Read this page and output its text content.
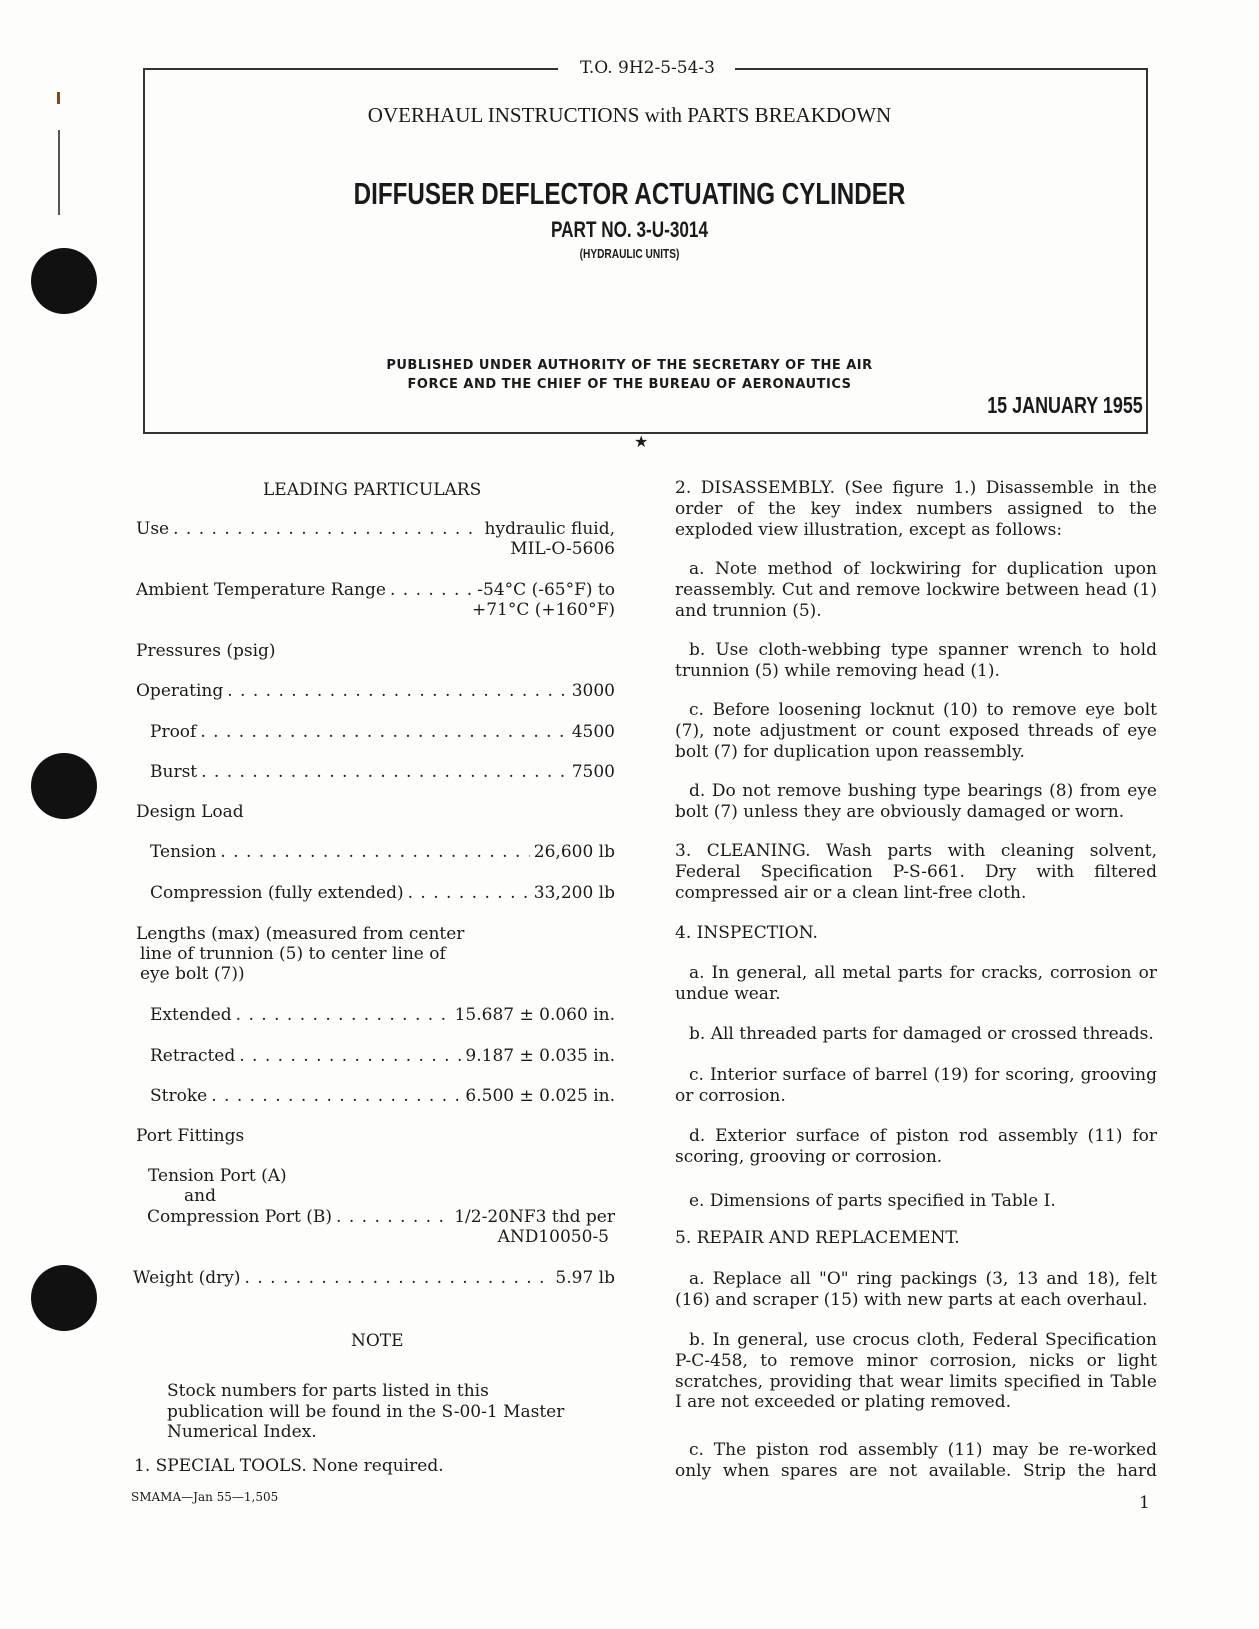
★
T.O. 9H2-5-54-3
OVERHAUL INSTRUCTIONS with PARTS BREAKDOWN
DIFFUSER DEFLECTOR ACTUATING CYLINDER
PART NO. 3-U-3014
(HYDRAULIC UNITS)
PUBLISHED UNDER AUTHORITY OF THE SECRETARY OF THE AIR
FORCE AND THE CHIEF OF THE BUREAU OF AERONAUTICS
15 JANUARY 1955
LEADING PARTICULARS
Use . . .	hydraulic fluid,
MIL-O-5606
Ambient Temperature Range . . .	-54°C (-65°F) to
+71°C (+160°F)
Pressures (psig)
Operating . . .	3000
Proof . . .	4500
Burst . . .	7500
Design Load
Tension . . .	26,600 lb
Compression (fully extended) . . .	33,200 lb
Lengths (max) (measured from center
line of trunnion (5) to center line of
eye bolt (7))
Extended . . .	15.687 ± 0.060 in.
Retracted . . .	9.187 ± 0.035 in.
Stroke . . .	6.500 ± 0.025 in.
Port Fittings
Tension Port (A)
and
Compression Port (B) . . .	1/2-20NF3 thd per
AND10050-5
Weight (dry) . . .	5.97 lb
NOTE
Stock numbers for parts listed in this publication will be found in the S-00-1 Master Numerical Index.
1. SPECIAL TOOLS. None required.
2. DISASSEMBLY. (See figure 1.) Disassemble in the order of the key index numbers assigned to the exploded view illustration, except as follows:
a. Note method of lockwiring for duplication upon reassembly. Cut and remove lockwire between head (1) and trunnion (5).
b. Use cloth-webbing type spanner wrench to hold trunnion (5) while removing head (1).
c. Before loosening locknut (10) to remove eye bolt (7), note adjustment or count exposed threads of eye bolt (7) for duplication upon reassembly.
d. Do not remove bushing type bearings (8) from eye bolt (7) unless they are obviously damaged or worn.
3. CLEANING. Wash parts with cleaning solvent, Federal Specification P-S-661. Dry with filtered compressed air or a clean lint-free cloth.
4. INSPECTION.
a. In general, all metal parts for cracks, corrosion or undue wear.
b. All threaded parts for damaged or crossed threads.
c. Interior surface of barrel (19) for scoring, grooving or corrosion.
d. Exterior surface of piston rod assembly (11) for scoring, grooving or corrosion.
e. Dimensions of parts specified in Table I.
5. REPAIR AND REPLACEMENT.
a. Replace all "O" ring packings (3, 13 and 18), felt (16) and scraper (15) with new parts at each overhaul.
b. In general, use crocus cloth, Federal Specification P-C-458, to remove minor corrosion, nicks or light scratches, providing that wear limits specified in Table I are not exceeded or plating removed.
c. The piston rod assembly (11) may be re-worked only when spares are not available. Strip the hard
SMAMA—Jan 55—1,505	1
